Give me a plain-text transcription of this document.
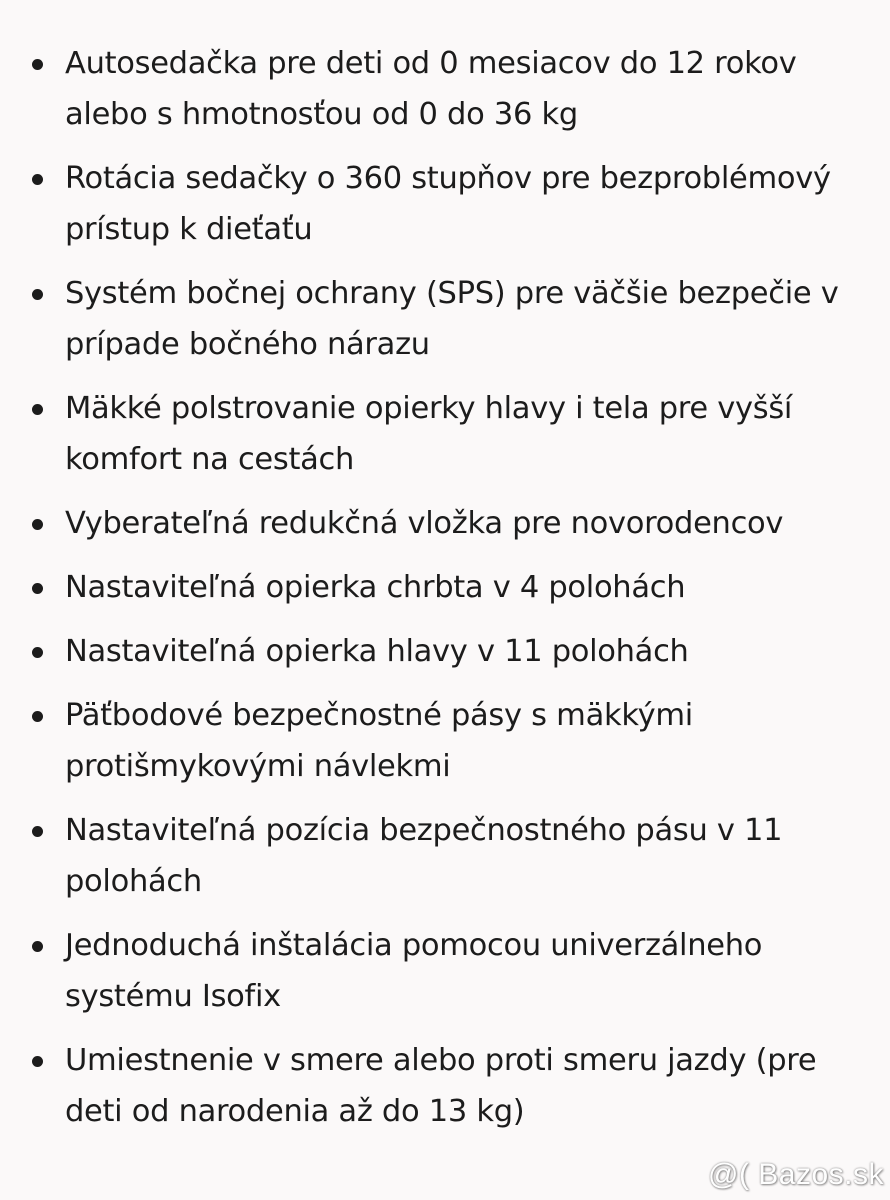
Autosedačka pre deti od 0 mesiacov do 12 rokov alebo s hmotnosťou od 0 do 36 kg
Rotácia sedačky o 360 stupňov pre bezproblémový prístup k dieťaťu
Systém bočnej ochrany (SPS) pre väčšie bezpečie v prípade bočného nárazu
Mäkké polstrovanie opierky hlavy i tela pre vyšší komfort na cestách
Vyberateľná redukčná vložka pre novorodencov
Nastaviteľná opierka chrbta v 4 polohách
Nastaviteľná opierka hlavy v 11 polohách
Päťbodové bezpečnostné pásy s mäkkými protišmykovými návlekmi
Nastaviteľná pozícia bezpečnostného pásu v 11 polohách
Jednoduchá inštalácia pomocou univerzálneho systému Isofix
Umiestnenie v smere alebo proti smeru jazdy (pre deti od narodenia až do 13 kg)
@( Bazos.sk
